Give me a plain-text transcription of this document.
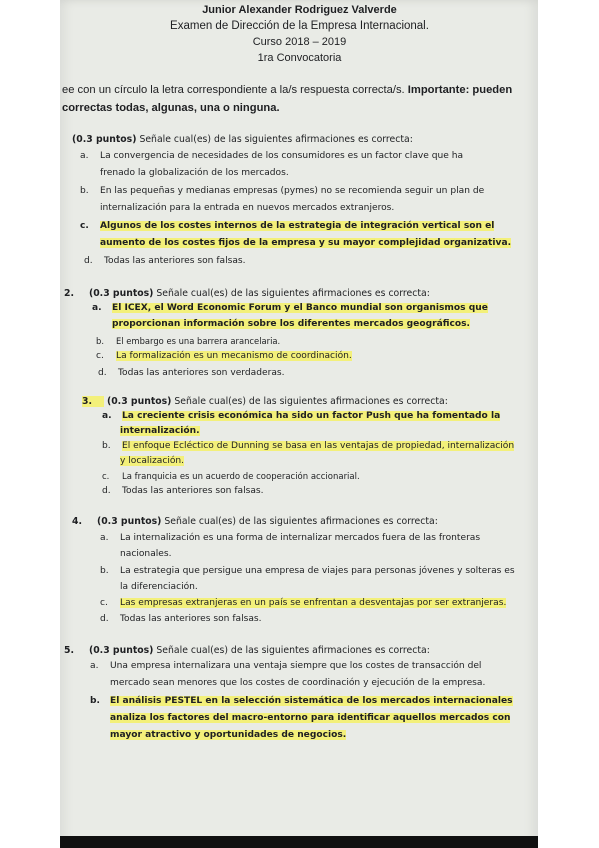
Junior Alexander Rodriguez Valverde
Examen de Dirección de la Empresa Internacional.
Curso 2018 – 2019
1ra Convocatoria
ee con un círculo la letra correspondiente a la/s respuesta correcta/s. Importante: pueden
correctas todas, algunas, una o ninguna.
(0.3 puntos) Señale cual(es) de las siguientes afirmaciones es correcta:
a. La convergencia de necesidades de los consumidores es un factor clave que ha
frenado la globalización de los mercados.
b. En las pequeñas y medianas empresas (pymes) no se recomienda seguir un plan de
internalización para la entrada en nuevos mercados extranjeros.
c. Algunos de los costes internos de la estrategia de integración vertical son el
aumento de los costes fijos de la empresa y su mayor complejidad organizativa.
d. Todas las anteriores son falsas.
2. (0.3 puntos) Señale cual(es) de las siguientes afirmaciones es correcta:
a. El ICEX, el Word Economic Forum y el Banco mundial son organismos que
proporcionan información sobre los diferentes mercados geográficos.
b. El embargo es una barrera arancelaria.
c. La formalización es un mecanismo de coordinación.
d. Todas las anteriores son verdaderas.
3. (0.3 puntos) Señale cual(es) de las siguientes afirmaciones es correcta:
a. La creciente crisis económica ha sido un factor Push que ha fomentado la
internalización.
b. El enfoque Ecléctico de Dunning se basa en las ventajas de propiedad, internalización
y localización.
c. La franquicia es un acuerdo de cooperación accionarial.
d. Todas las anteriores son falsas.
4. (0.3 puntos) Señale cual(es) de las siguientes afirmaciones es correcta:
a. La internalización es una forma de internalizar mercados fuera de las fronteras
nacionales.
b. La estrategia que persigue una empresa de viajes para personas jóvenes y solteras es
la diferenciación.
c. Las empresas extranjeras en un país se enfrentan a desventajas por ser extranjeras.
d. Todas las anteriores son falsas.
5. (0.3 puntos) Señale cual(es) de las siguientes afirmaciones es correcta:
a. Una empresa internalizara una ventaja siempre que los costes de transacción del
mercado sean menores que los costes de coordinación y ejecución de la empresa.
b. El análisis PESTEL en la selección sistemática de los mercados internacionales
analiza los factores del macro-entorno para identificar aquellos mercados con
mayor atractivo y oportunidades de negocios.
